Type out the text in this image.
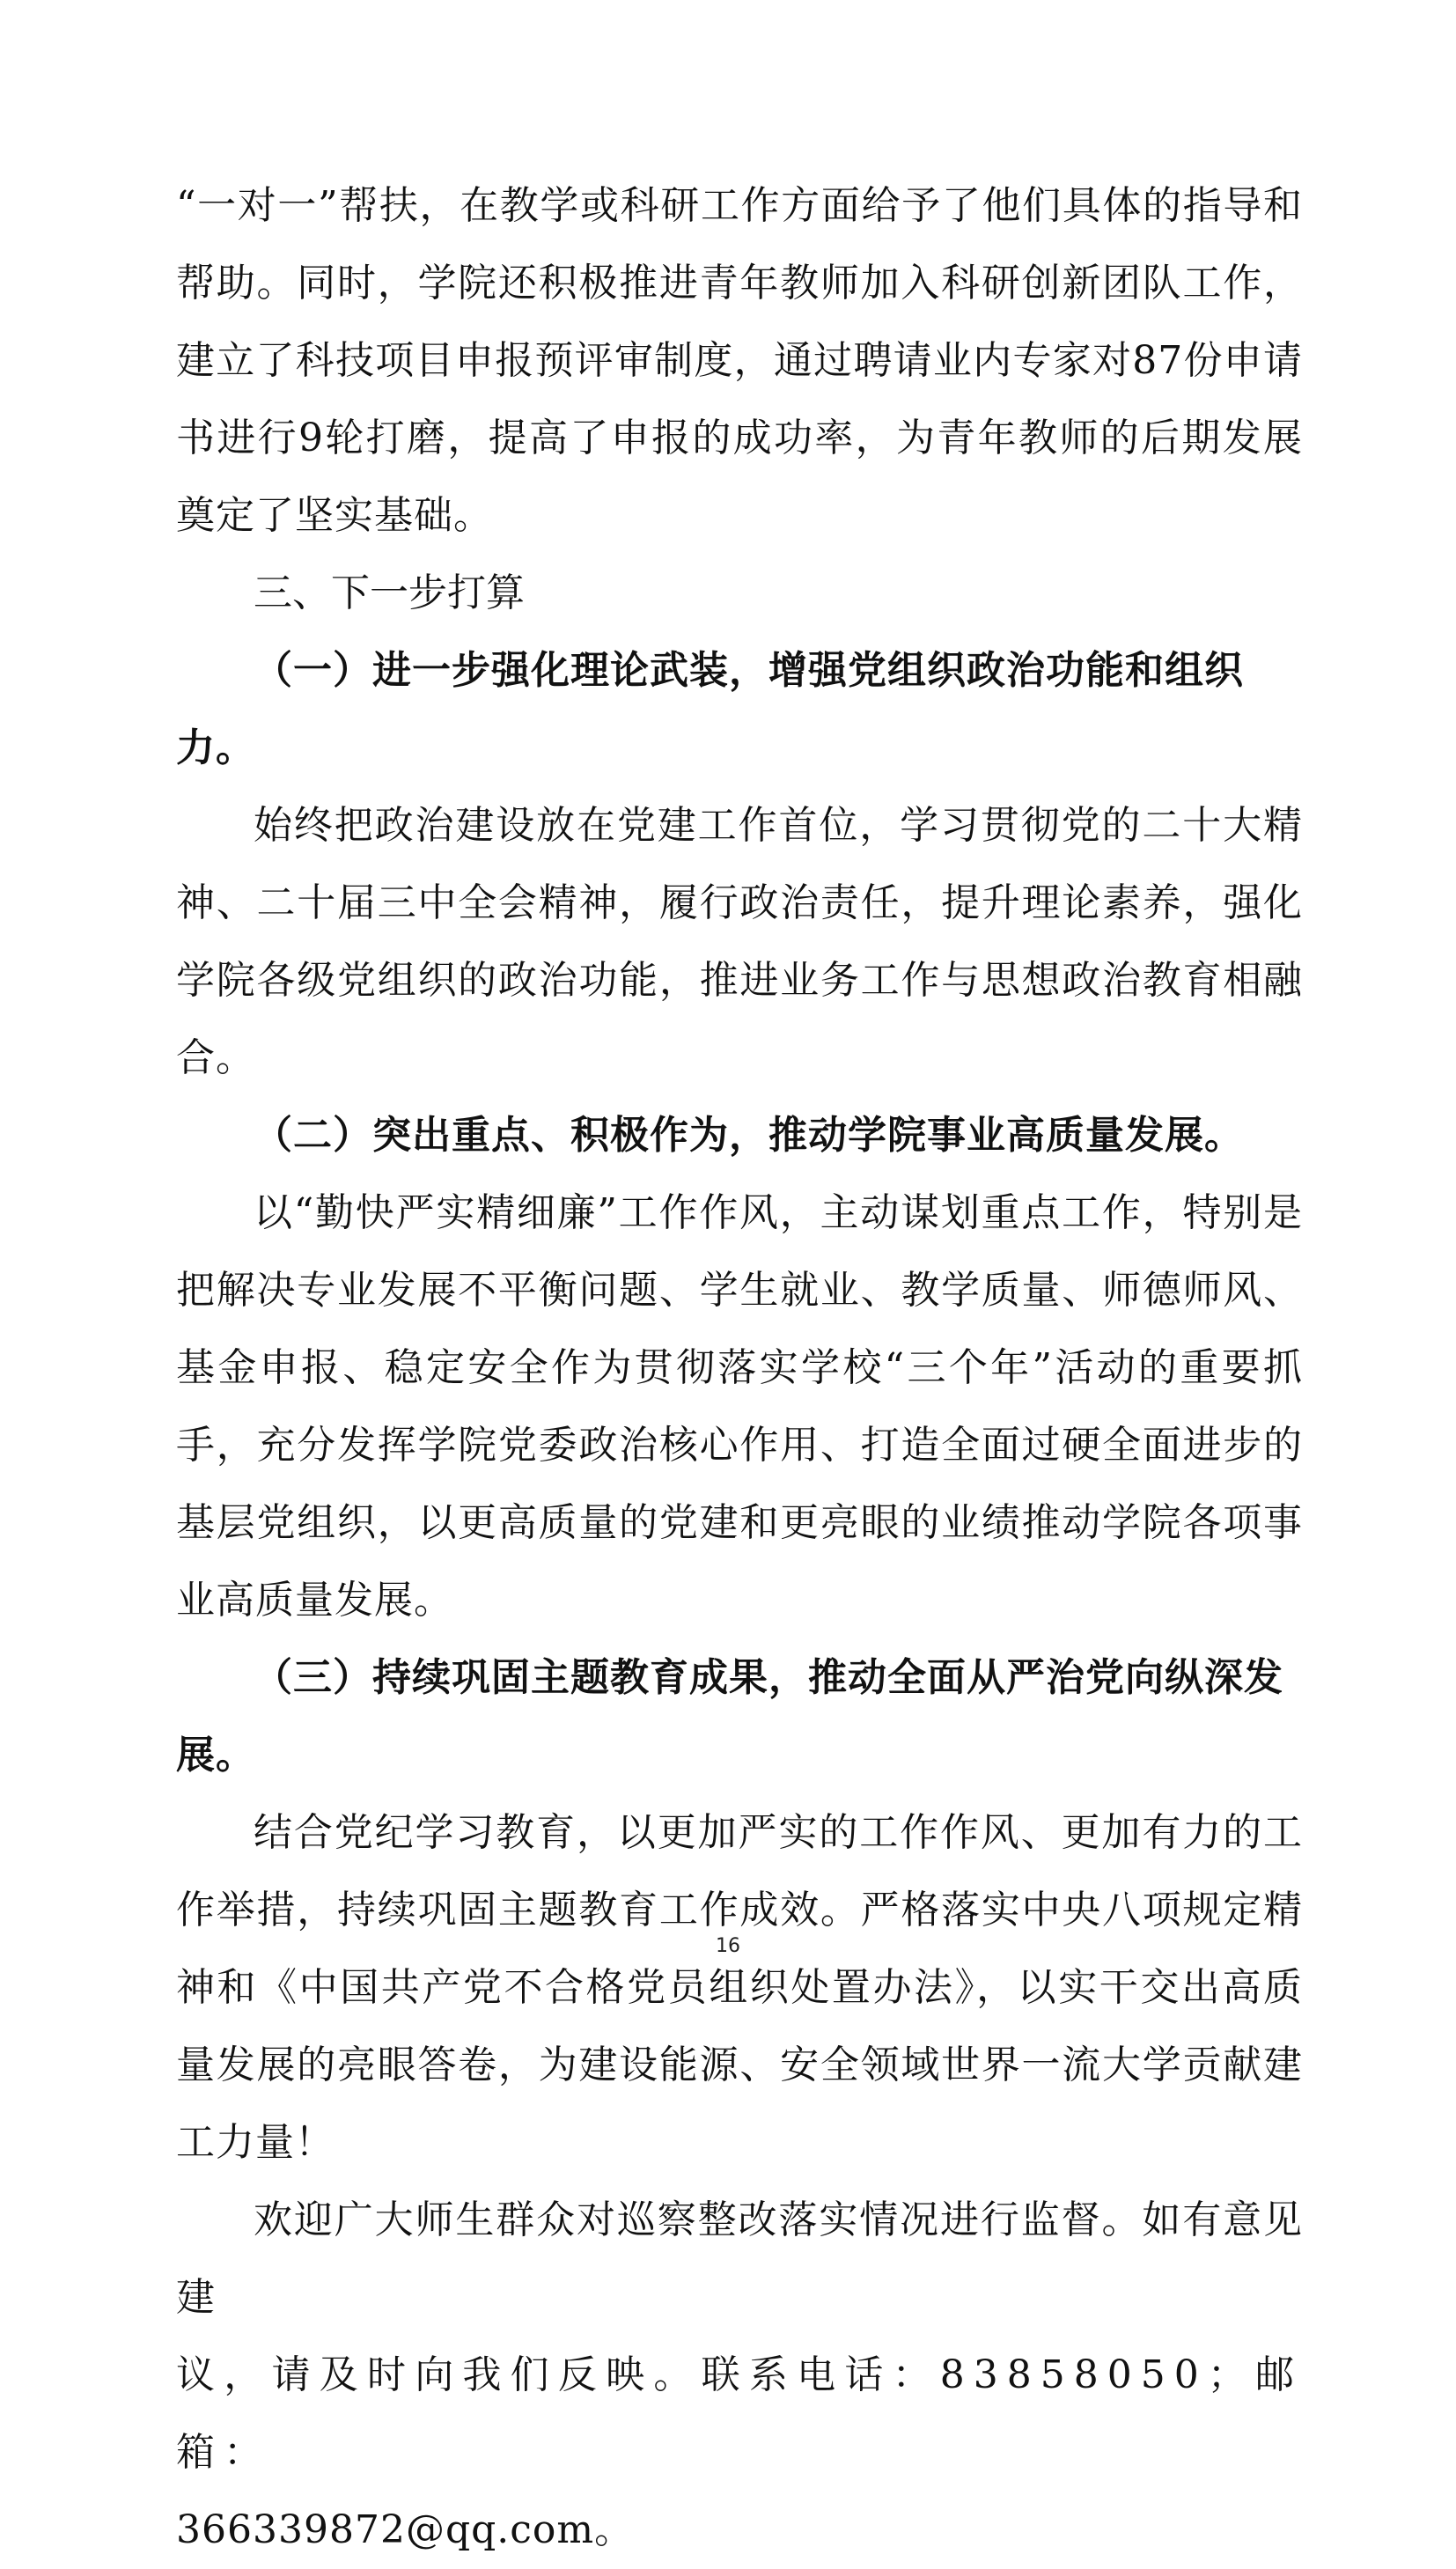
“一对一”帮扶，在教学或科研工作方面给予了他们具体的指导和帮助。同时，学院还积极推进青年教师加入科研创新团队工作，建立了科技项目申报预评审制度，通过聘请业内专家对87份申请书进行9轮打磨，提高了申报的成功率，为青年教师的后期发展奠定了坚实基础。

三、下一步打算

（一）进一步强化理论武装，增强党组织政治功能和组织力。

始终把政治建设放在党建工作首位，学习贯彻党的二十大精神、二十届三中全会精神，履行政治责任，提升理论素养，强化学院各级党组织的政治功能，推进业务工作与思想政治教育相融合。

（二）突出重点、积极作为，推动学院事业高质量发展。

以“勤快严实精细廉”工作作风，主动谋划重点工作，特别是把解决专业发展不平衡问题、学生就业、教学质量、师德师风、基金申报、稳定安全作为贯彻落实学校“三个年”活动的重要抓手，充分发挥学院党委政治核心作用、打造全面过硬全面进步的基层党组织，以更高质量的党建和更亮眼的业绩推动学院各项事业高质量发展。

（三）持续巩固主题教育成果，推动全面从严治党向纵深发展。

结合党纪学习教育，以更加严实的工作作风、更加有力的工作举措，持续巩固主题教育工作成效。严格落实中央八项规定精神和《中国共产党不合格党员组织处置办法》，以实干交出高质量发展的亮眼答卷，为建设能源、安全领域世界一流大学贡献建工力量！

欢迎广大师生群众对巡察整改落实情况进行监督。如有意见建

议，请及时向我们反映。联系电话：83858050；邮箱：

366339872@qq.com。

16
